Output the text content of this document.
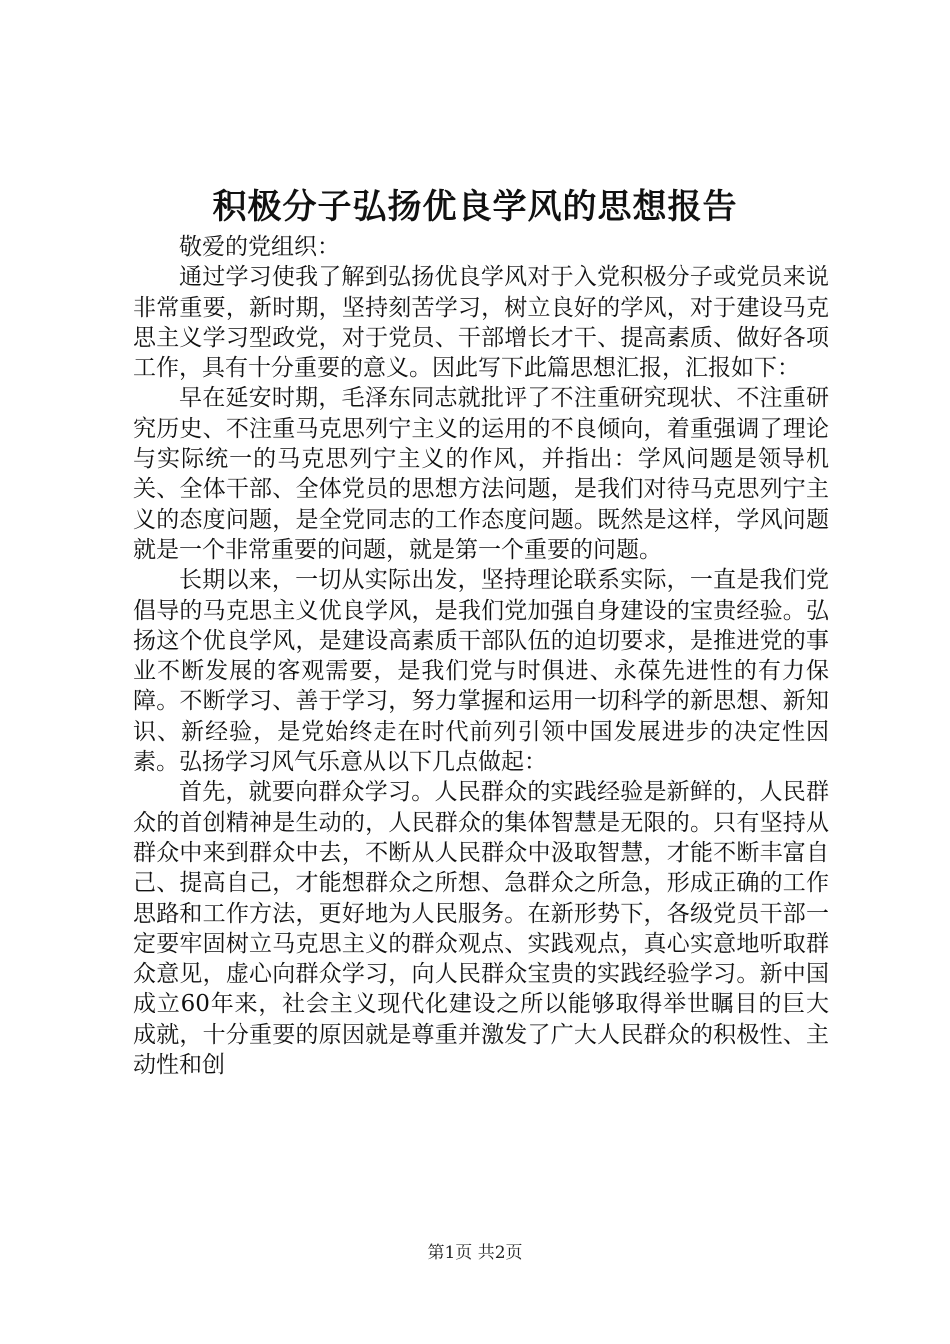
积极分子弘扬优良学风的思想报告

敬爱的党组织：

通过学习使我了解到弘扬优良学风对于入党积极分子或党员来说非常重要，新时期，坚持刻苦学习，树立良好的学风，对于建设马克思主义学习型政党，对于党员、干部增长才干、提高素质、做好各项工作，具有十分重要的意义。因此写下此篇思想汇报，汇报如下：

早在延安时期，毛泽东同志就批评了不注重研究现状、不注重研究历史、不注重马克思列宁主义的运用的不良倾向，着重强调了理论与实际统一的马克思列宁主义的作风，并指出：学风问题是领导机关、全体干部、全体党员的思想方法问题，是我们对待马克思列宁主义的态度问题，是全党同志的工作态度问题。既然是这样，学风问题就是一个非常重要的问题，就是第一个重要的问题。

长期以来，一切从实际出发，坚持理论联系实际，一直是我们党倡导的马克思主义优良学风，是我们党加强自身建设的宝贵经验。弘扬这个优良学风，是建设高素质干部队伍的迫切要求，是推进党的事业不断发展的客观需要，是我们党与时俱进、永葆先进性的有力保障。不断学习、善于学习，努力掌握和运用一切科学的新思想、新知识、新经验，是党始终走在时代前列引领中国发展进步的决定性因素。弘扬学习风气乐意从以下几点做起：

首先，就要向群众学习。人民群众的实践经验是新鲜的，人民群众的首创精神是生动的，人民群众的集体智慧是无限的。只有坚持从群众中来到群众中去，不断从人民群众中汲取智慧，才能不断丰富自己、提高自己，才能想群众之所想、急群众之所急，形成正确的工作思路和工作方法，更好地为人民服务。在新形势下，各级党员干部一定要牢固树立马克思主义的群众观点、实践观点，真心实意地听取群众意见，虚心向群众学习，向人民群众宝贵的实践经验学习。新中国成立60年来，社会主义现代化建设之所以能够取得举世瞩目的巨大成就，十分重要的原因就是尊重并激发了广大人民群众的积极性、主动性和创

第1页 共2页
